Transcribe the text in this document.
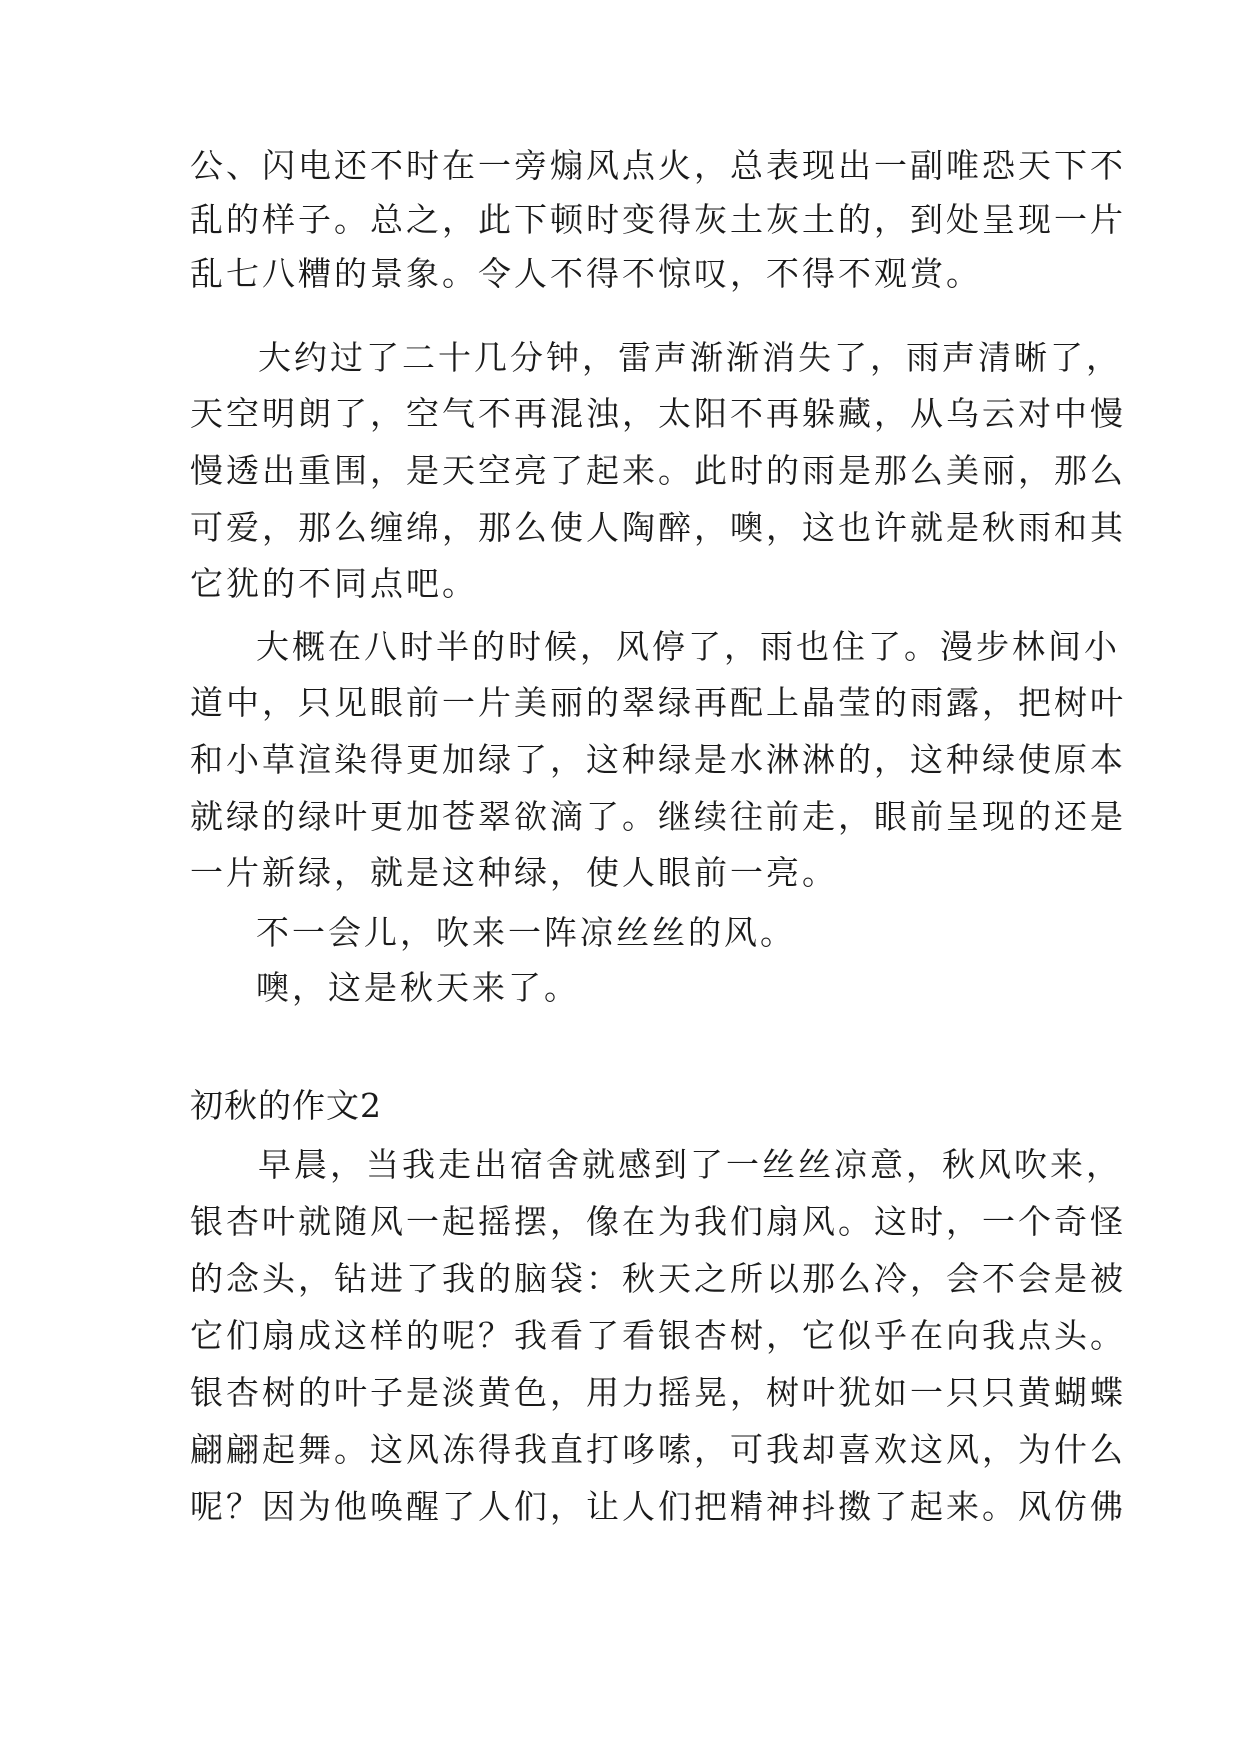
公、闪电还不时在一旁煽风点火，总表现出一副唯恐天下不
乱的样子。总之，此下顿时变得灰土灰土的，到处呈现一片
乱七八糟的景象。令人不得不惊叹，不得不观赏。
大约过了二十几分钟，雷声渐渐消失了，雨声清晰了，
天空明朗了，空气不再混浊，太阳不再躲藏，从乌云对中慢
慢透出重围，是天空亮了起来。此时的雨是那么美丽，那么
可爱，那么缠绵，那么使人陶醉，噢，这也许就是秋雨和其
它犹的不同点吧。
大概在八时半的时候，风停了，雨也住了。漫步林间小
道中，只见眼前一片美丽的翠绿再配上晶莹的雨露，把树叶
和小草渲染得更加绿了，这种绿是水淋淋的，这种绿使原本
就绿的绿叶更加苍翠欲滴了。继续往前走，眼前呈现的还是
一片新绿，就是这种绿，使人眼前一亮。
不一会儿，吹来一阵凉丝丝的风。
噢，这是秋天来了。
初秋的作文2
早晨，当我走出宿舍就感到了一丝丝凉意，秋风吹来，
银杏叶就随风一起摇摆，像在为我们扇风。这时，一个奇怪
的念头，钻进了我的脑袋：秋天之所以那么冷，会不会是被
它们扇成这样的呢？我看了看银杏树，它似乎在向我点头。
银杏树的叶子是淡黄色，用力摇晃，树叶犹如一只只黄蝴蝶
翩翩起舞。这风冻得我直打哆嗦，可我却喜欢这风，为什么
呢？因为他唤醒了人们，让人们把精神抖擞了起来。风仿佛
